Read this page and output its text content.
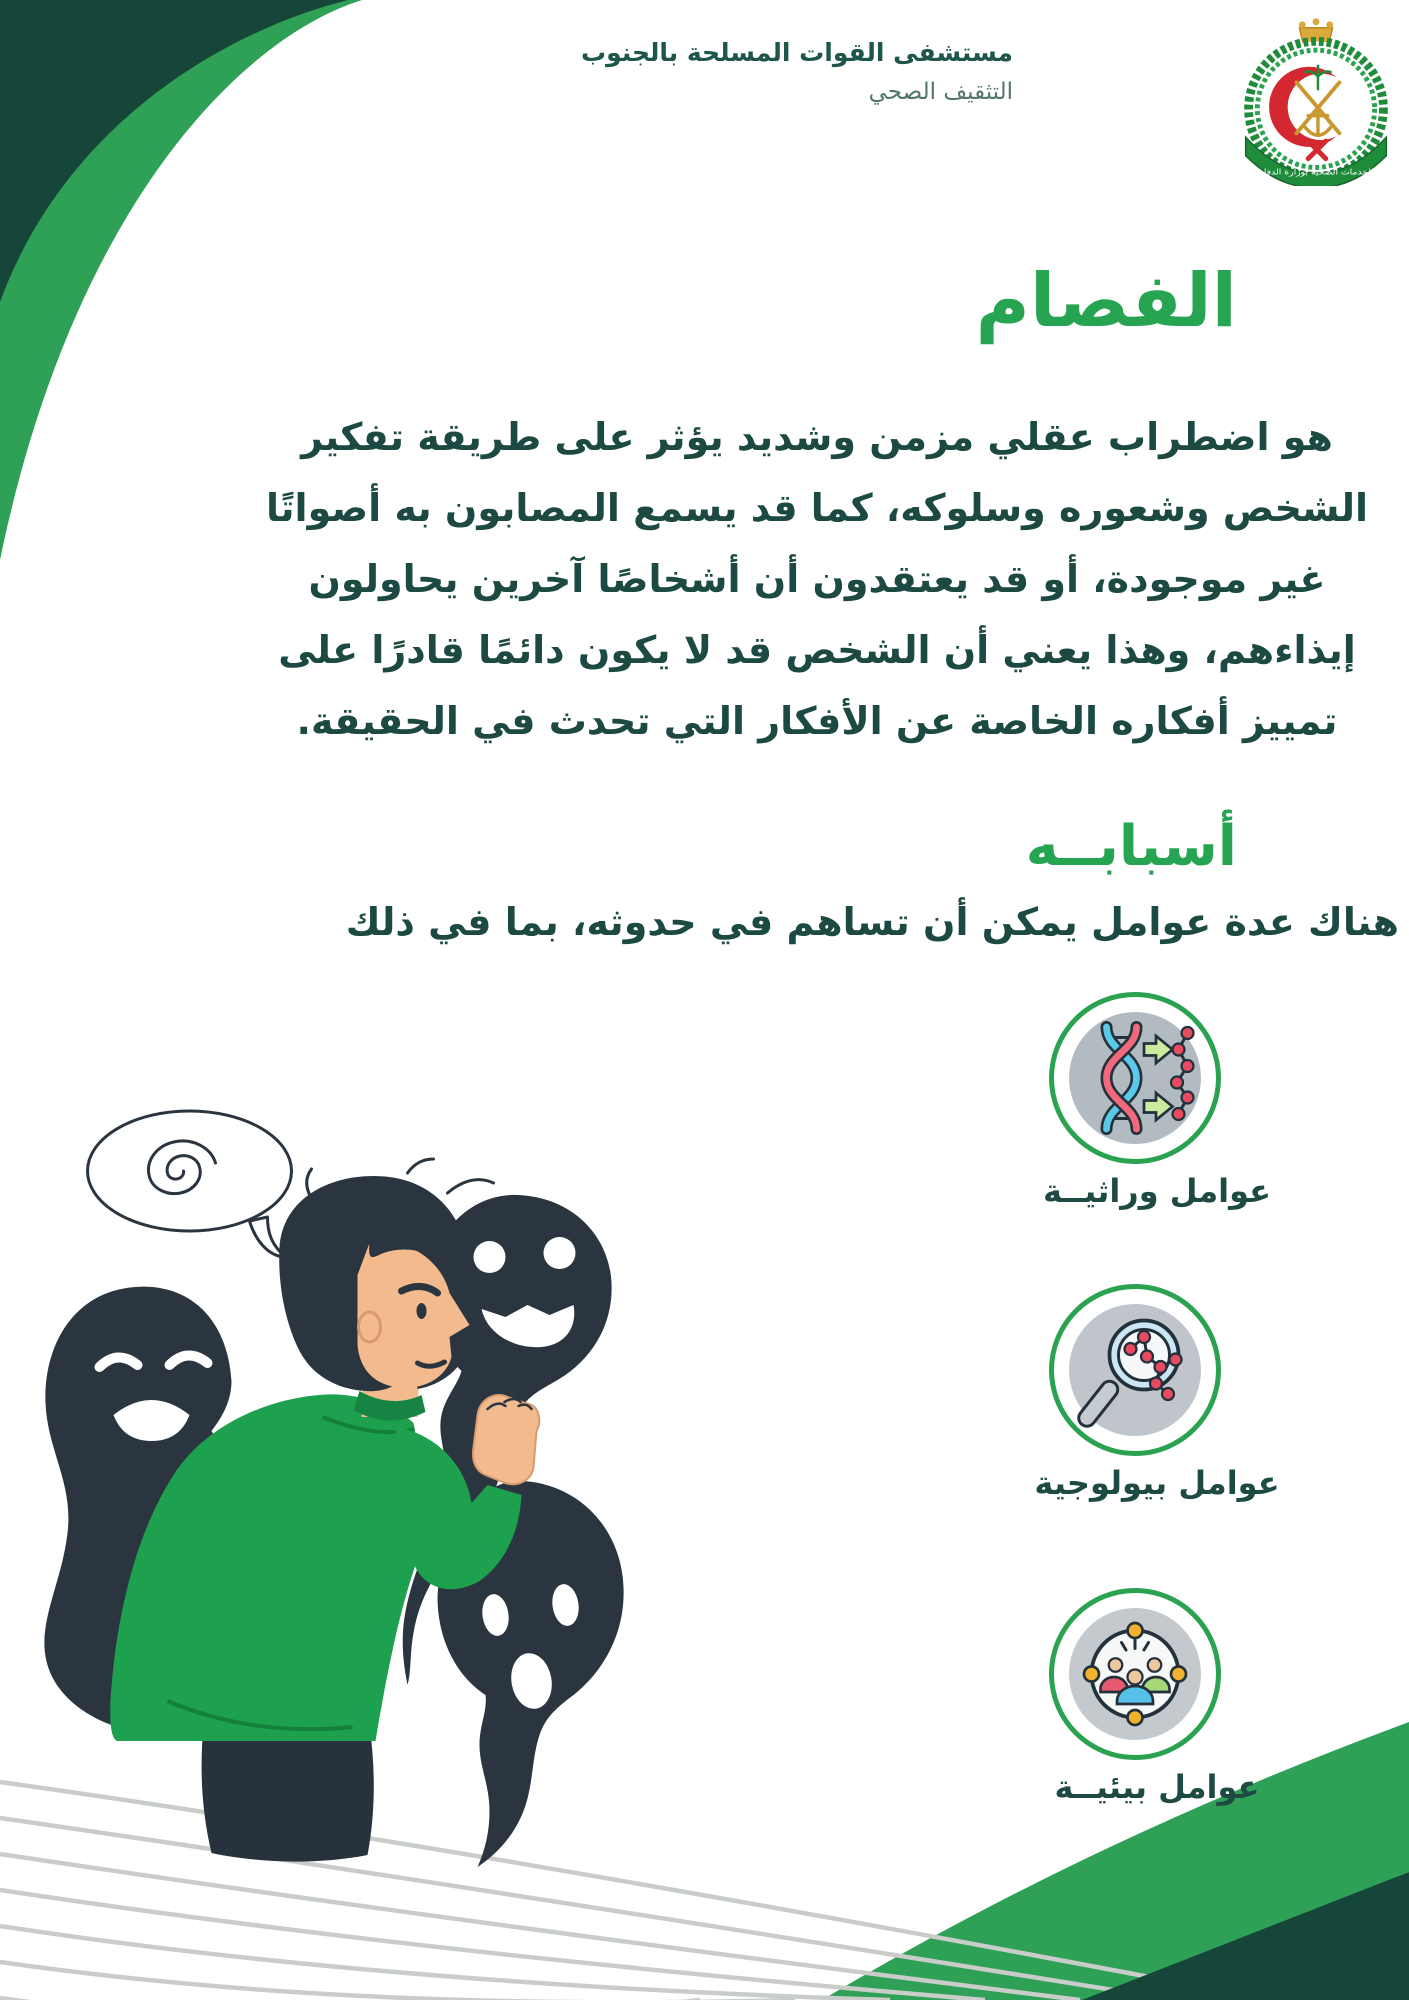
مستشفى القوات المسلحة بالجنوب
التثقيف الصحي
الخدمات الصحية بوزارة الدفاع
الفصام
هو اضطراب عقلي مزمن وشديد يؤثر على طريقة تفكير
الشخص وشعوره وسلوكه، كما قد يسمع المصابون به أصواتًا
غير موجودة، أو قد يعتقدون أن أشخاصًا آخرين يحاولون
إيذاءهم، وهذا يعني أن الشخص قد لا يكون دائمًا قادرًا على
تمييز أفكاره الخاصة عن الأفكار التي تحدث في الحقيقة.
أسبابــه
هناك عدة عوامل يمكن أن تساهم في حدوثه، بما في ذلك
عوامل وراثيــة
عوامل بيولوجية
عوامل بيئيــة
